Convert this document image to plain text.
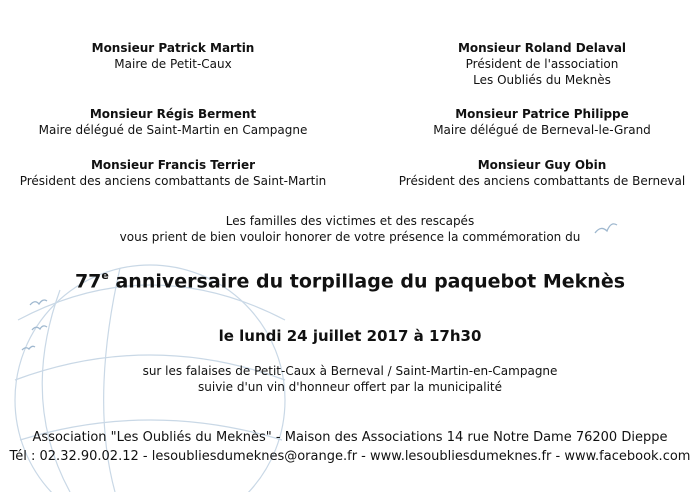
Monsieur Patrick Martin
Maire de Petit-Caux
Monsieur Régis Berment
Maire délégué de Saint-Martin en Campagne
Monsieur Francis Terrier
Président des anciens combattants de Saint-Martin
Monsieur Roland Delaval
Président de l'association
Les Oubliés du Meknès
Monsieur Patrice Philippe
Maire délégué de Berneval-le-Grand
Monsieur Guy Obin
Président des anciens combattants de Berneval
Les familles des victimes et des rescapés
vous prient de bien vouloir honorer de votre présence la commémoration du
77e anniversaire du torpillage du paquebot Meknès
le lundi 24 juillet 2017 à 17h30
sur les falaises de Petit-Caux à Berneval / Saint-Martin-en-Campagne
suivie d'un vin d'honneur offert par la municipalité
Association "Les Oubliés du Meknès" - Maison des Associations 14 rue Notre Dame 76200 Dieppe
Tél : 02.32.90.02.12 - lesoubliesdumeknes@orange.fr - www.lesoubliesdumeknes.fr - www.facebook.com
